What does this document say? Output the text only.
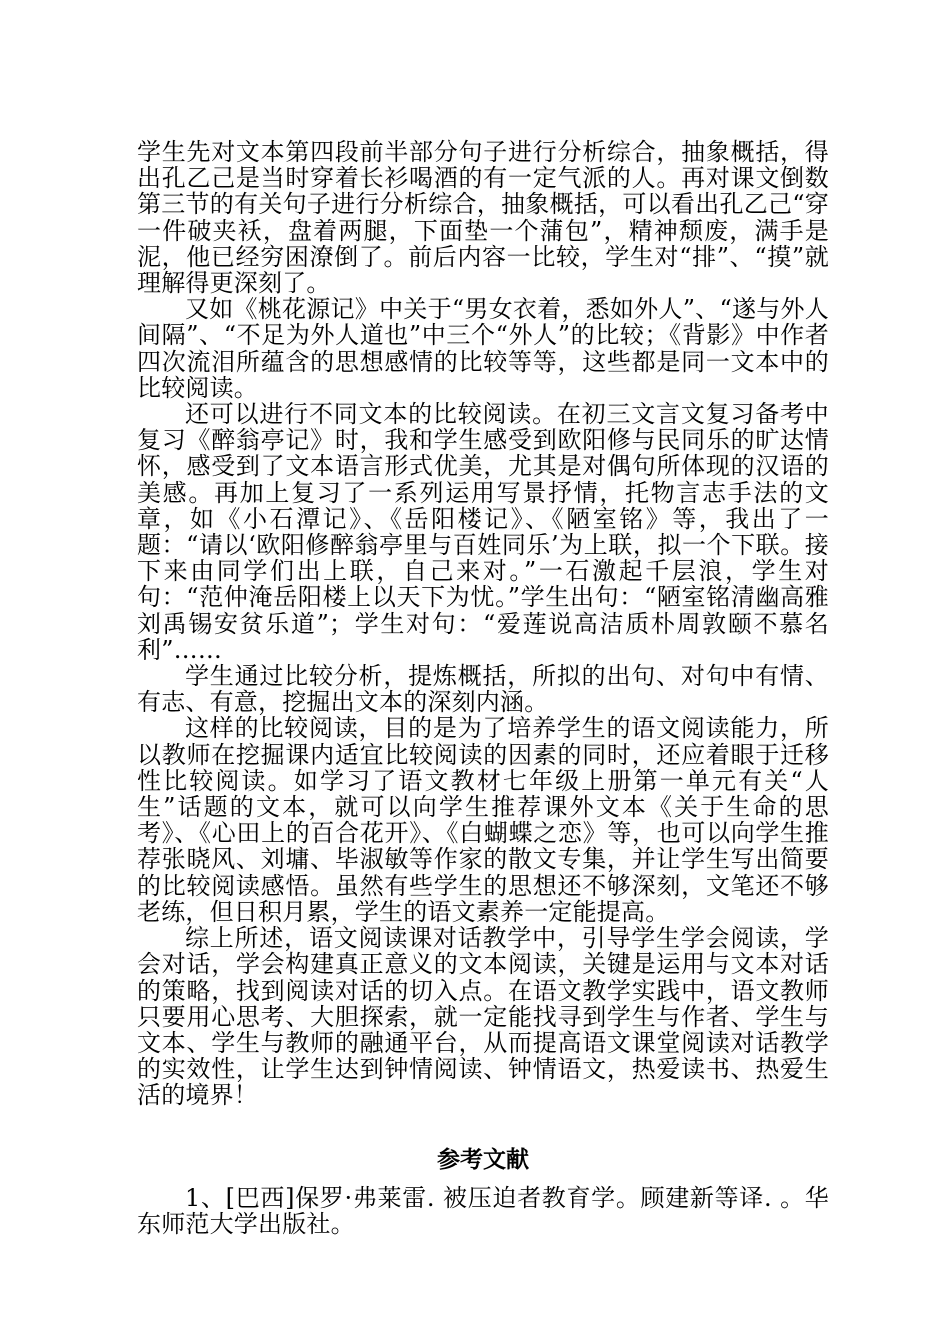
学生先对文本第四段前半部分句子进行分析综合，抽象概括，得出孔乙己是当时穿着长衫喝酒的有一定气派的人。再对课文倒数第三节的有关句子进行分析综合，抽象概括，可以看出孔乙己“穿一件破夹袄，盘着两腿，下面垫一个蒲包”，精神颓废，满手是泥，他已经穷困潦倒了。前后内容一比较，学生对“排”、“摸”就理解得更深刻了。

又如《桃花源记》中关于“男女衣着，悉如外人”、“遂与外人间隔”、“不足为外人道也”中三个“外人”的比较；《背影》中作者四次流泪所蕴含的思想感情的比较等等，这些都是同一文本中的比较阅读。

还可以进行不同文本的比较阅读。在初三文言文复习备考中复习《醉翁亭记》时，我和学生感受到欧阳修与民同乐的旷达情怀，感受到了文本语言形式优美，尤其是对偶句所体现的汉语的美感。再加上复习了一系列运用写景抒情，托物言志手法的文章，如《小石潭记》、《岳阳楼记》、《陋室铭》等，我出了一题：“请以‘欧阳修醉翁亭里与百姓同乐’为上联，拟一个下联。接下来由同学们出上联，自己来对。”一石激起千层浪，学生对句：“范仲淹岳阳楼上以天下为忧。”学生出句：“陋室铭清幽高雅刘禹锡安贫乐道”；学生对句：“爱莲说高洁质朴周敦颐不慕名利”……

学生通过比较分析，提炼概括，所拟的出句、对句中有情、有志、有意，挖掘出文本的深刻内涵。

这样的比较阅读，目的是为了培养学生的语文阅读能力，所以教师在挖掘课内适宜比较阅读的因素的同时，还应着眼于迁移性比较阅读。如学习了语文教材七年级上册第一单元有关“人生”话题的文本，就可以向学生推荐课外文本《关于生命的思考》、《心田上的百合花开》、《白蝴蝶之恋》等，也可以向学生推荐张晓风、刘墉、毕淑敏等作家的散文专集，并让学生写出简要的比较阅读感悟。虽然有些学生的思想还不够深刻，文笔还不够老练，但日积月累，学生的语文素养一定能提高。

综上所述，语文阅读课对话教学中，引导学生学会阅读，学会对话，学会构建真正意义的文本阅读，关键是运用与文本对话的策略，找到阅读对话的切入点。在语文教学实践中，语文教师只要用心思考、大胆探索，就一定能找寻到学生与作者、学生与文本、学生与教师的融通平台，从而提高语文课堂阅读对话教学的实效性，让学生达到钟情阅读、钟情语文，热爱读书、热爱生活的境界！

参考文献

1、[巴西]保罗·弗莱雷. 被压迫者教育学。顾建新等译. 。华东师范大学出版社。
